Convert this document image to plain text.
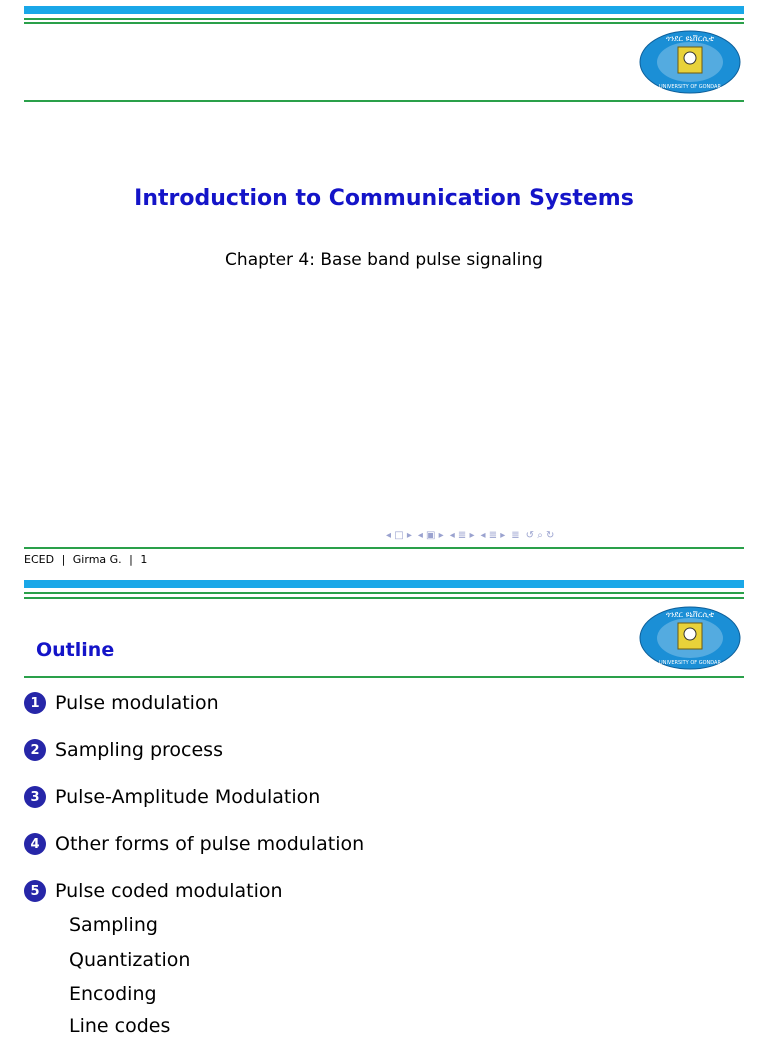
ጎንደር ዩኒቨርሲቲ
UNIVERSITY OF GONDAR
Introduction to Communication Systems
Chapter 4: Base band pulse signaling
◂ □ ▸ ◂ ▣ ▸ ◂ ≣ ▸ ◂ ≣ ▸ ≣ ↺ ⌕ ↻
ECED | Girma G. | 1
ጎንደር ዩኒቨርሲቲ
UNIVERSITY OF GONDAR
Outline
1 Pulse modulation
2 Sampling process
3 Pulse-Amplitude Modulation
4 Other forms of pulse modulation
5 Pulse coded modulation
Sampling
Quantization
Encoding
Line codes
